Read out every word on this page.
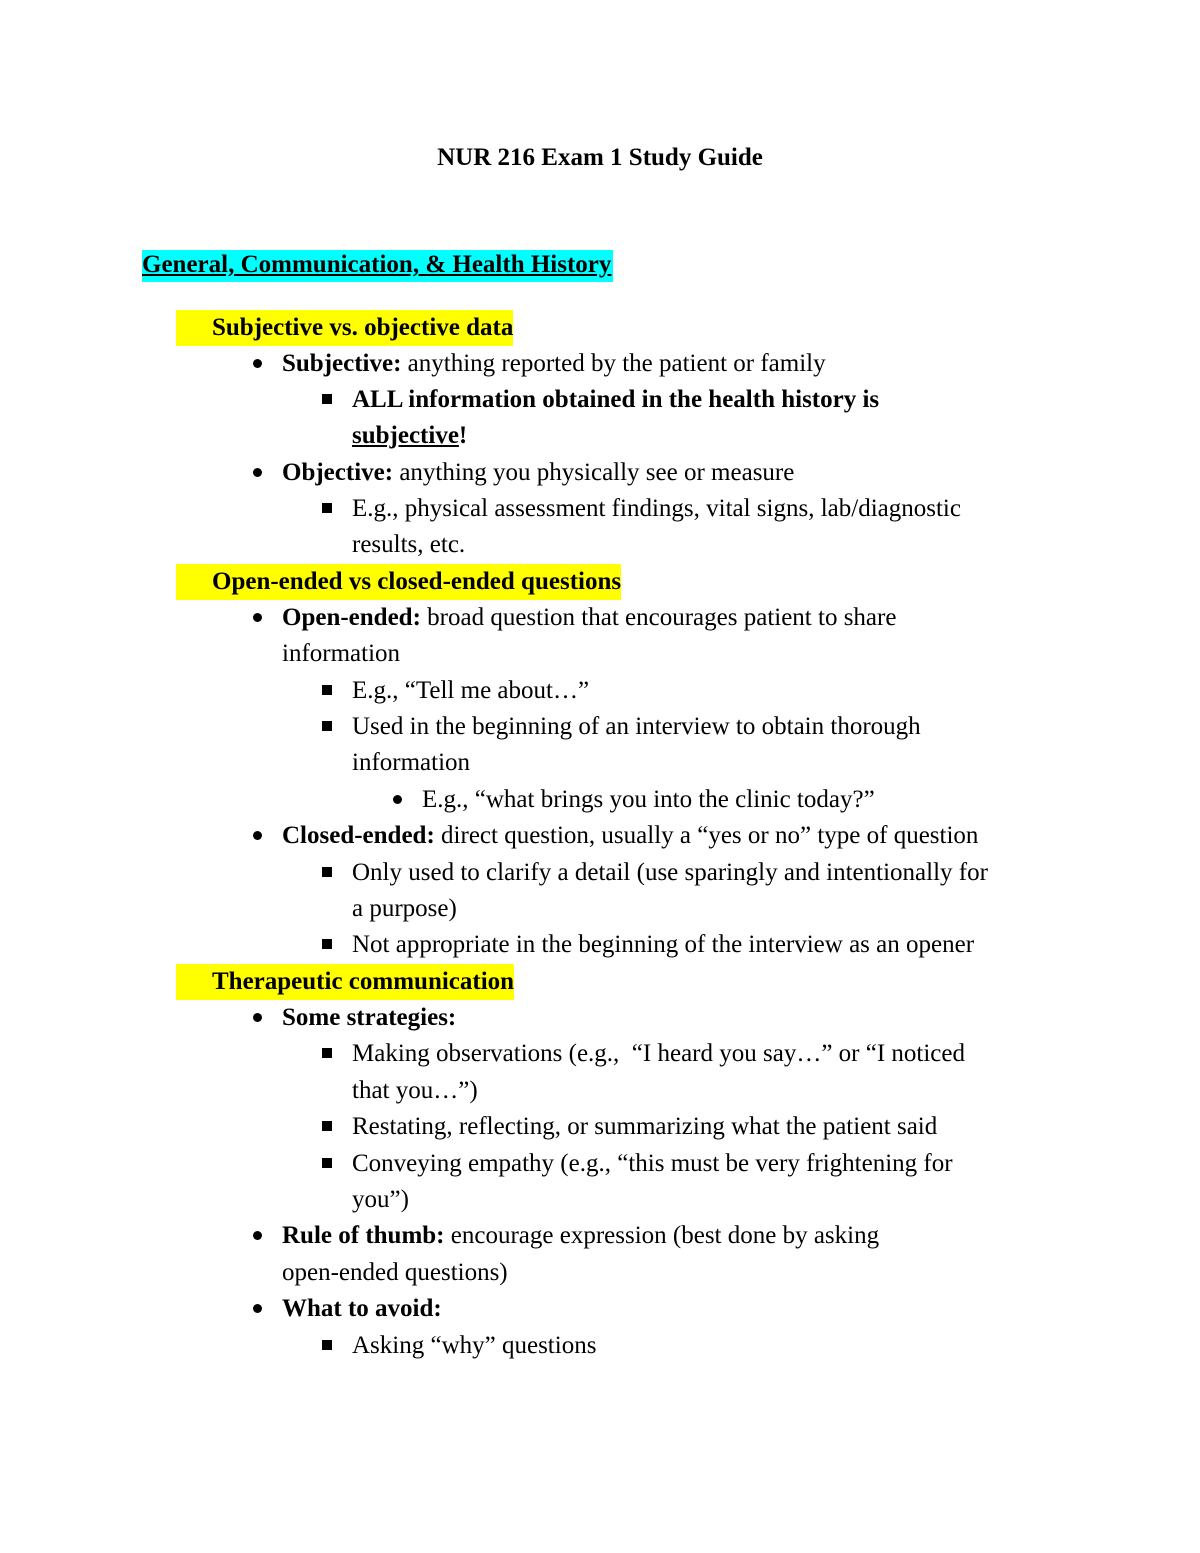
NUR 216 Exam 1 Study Guide
General, Communication, & Health History
Subjective vs. objective data
Subjective: anything reported by the patient or family
ALL information obtained in the health history is
subjective!
Objective: anything you physically see or measure
E.g., physical assessment findings, vital signs, lab/diagnostic
results, etc.
Open-ended vs closed-ended questions
Open-ended: broad question that encourages patient to share
information
E.g., “Tell me about…”
Used in the beginning of an interview to obtain thorough
information
E.g., “what brings you into the clinic today?”
Closed-ended: direct question, usually a “yes or no” type of question
Only used to clarify a detail (use sparingly and intentionally for
a purpose)
Not appropriate in the beginning of the interview as an opener
Therapeutic communication
Some strategies:
Making observations (e.g.,  “I heard you say…” or “I noticed
that you…”)
Restating, reflecting, or summarizing what the patient said
Conveying empathy (e.g., “this must be very frightening for
you”)
Rule of thumb: encourage expression (best done by asking
open-ended questions)
What to avoid:
Asking “why” questions
